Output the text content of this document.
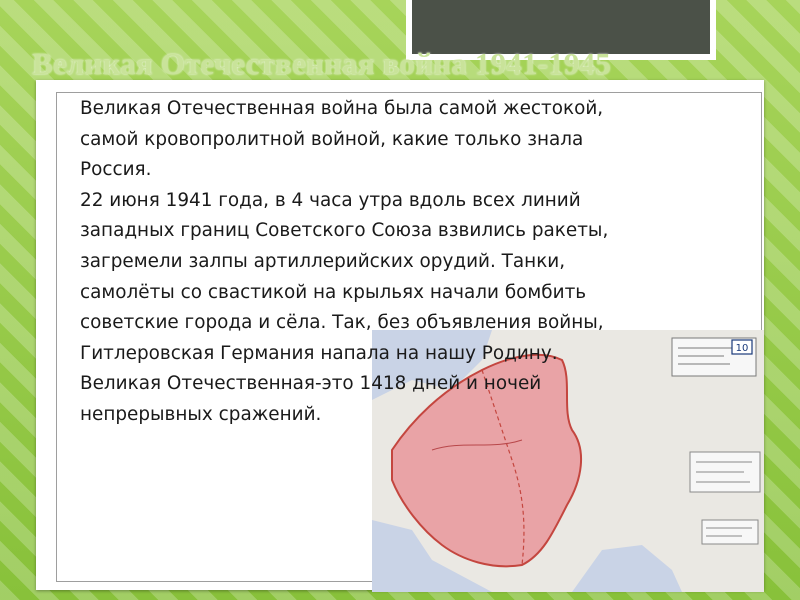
Великая Отечественная война 1941-1945

Великая Отечественная война была самой жестокой,
самой кровопролитной войной, какие только знала
Россия.
22 июня 1941 года, в 4 часа утра вдоль всех линий
западных границ Советского Союза взвились ракеты,
загремели залпы артиллерийских орудий. Танки,
самолёты со свастикой на крыльях начали бомбить
советские города и сёла. Так, без объявления войны,
Гитлеровская Германия напала на нашу Родину.
Великая Отечественная-это 1418 дней и ночей
непрерывных сражений.

10
